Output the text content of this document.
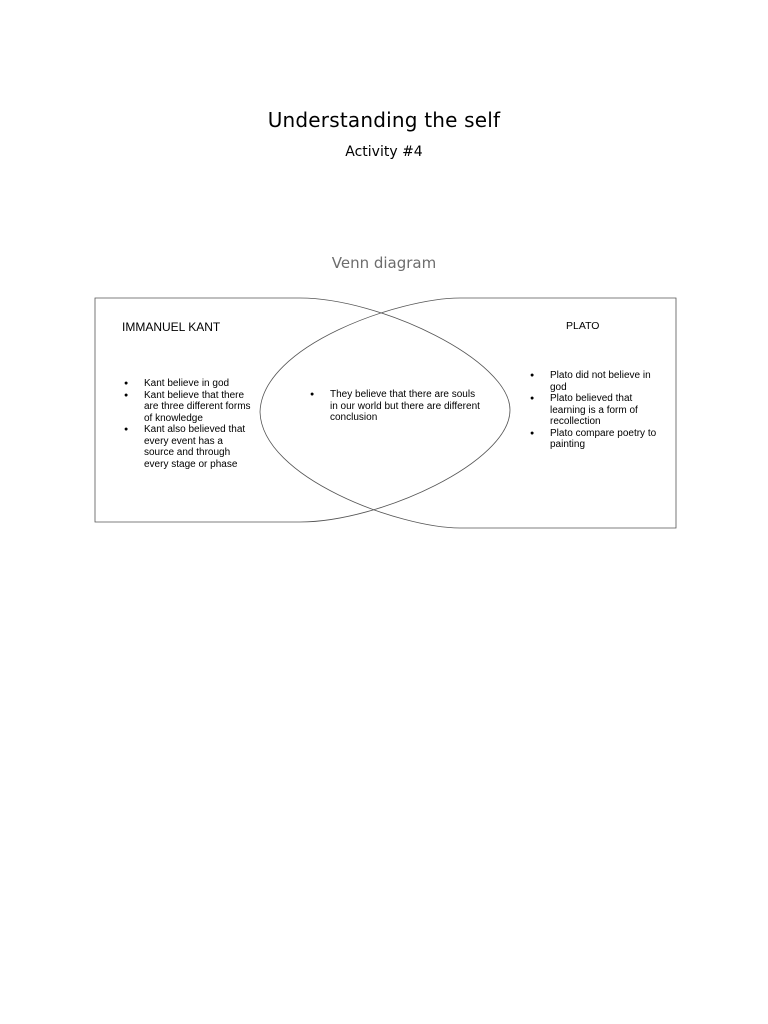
Understanding the self
Activity #4
Venn diagram
IMMANUEL KANT
● Kant believe in god
● Kant believe that there are three different forms of knowledge
● Kant also believed that every event has a source and through every stage or phase
● They believe that there are souls in our world but there are different conclusion
PLATO
● Plato did not believe in god
● Plato believed that learning is a form of recollection
● Plato compare poetry to painting
